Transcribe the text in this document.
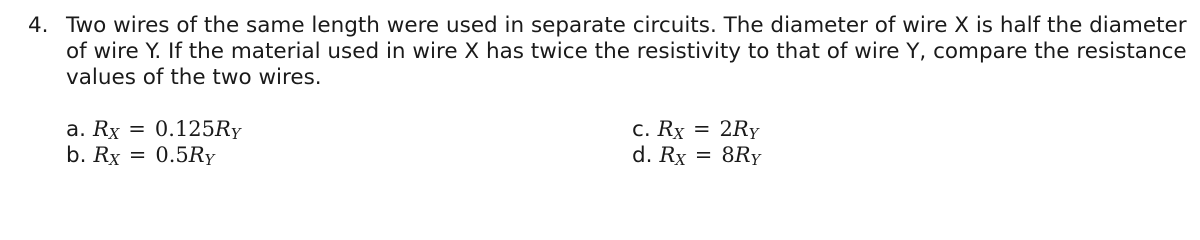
4. Two wires of the same length were used in separate circuits. The diameter of wire X is half the diameter of wire Y. If the material used in wire X has twice the resistivity to that of wire Y, compare the resistance values of the two wires.
a. $R_X = 0.125R_Y$	c. $R_X = 2R_Y$
b. $R_X = 0.5R_Y$	d. $R_X = 8R_Y$
